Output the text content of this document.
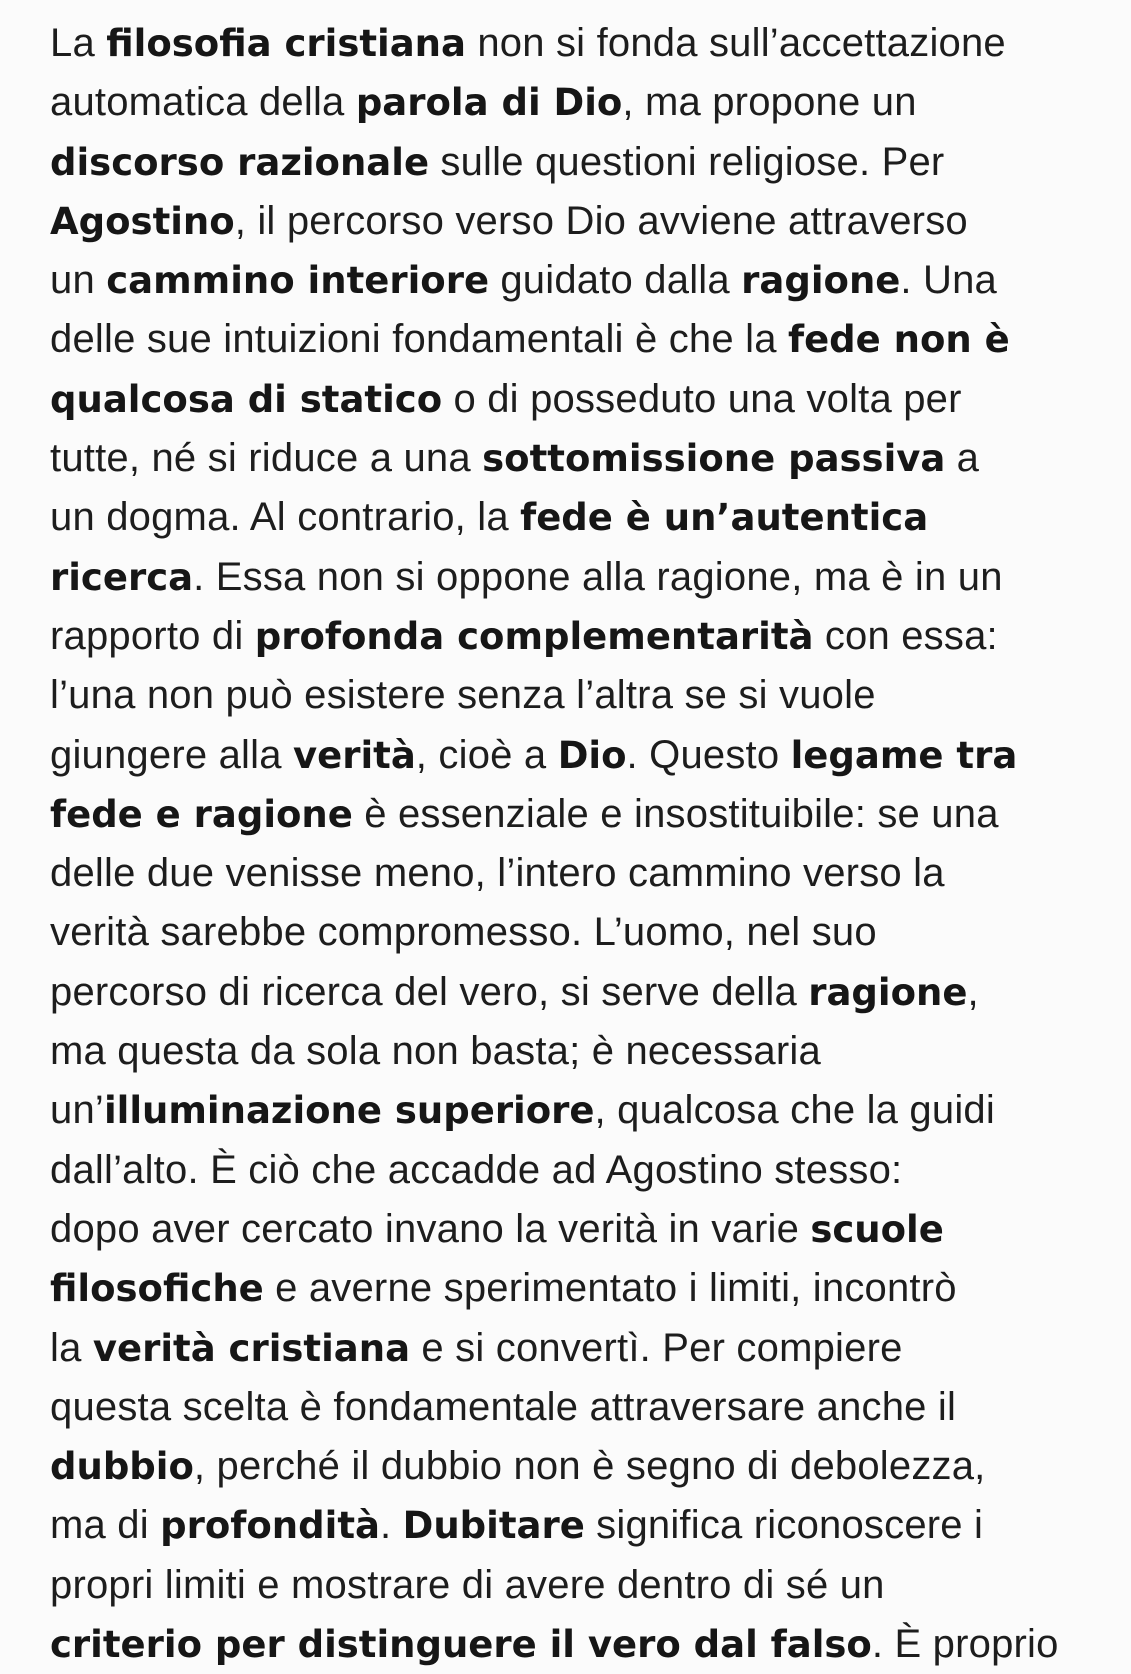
La filosofia cristiana non si fonda sull’accettazione
automatica della parola di Dio, ma propone un
discorso razionale sulle questioni religiose. Per
Agostino, il percorso verso Dio avviene attraverso
un cammino interiore guidato dalla ragione. Una
delle sue intuizioni fondamentali è che la fede non è
qualcosa di statico o di posseduto una volta per
tutte, né si riduce a una sottomissione passiva a
un dogma. Al contrario, la fede è un’autentica
ricerca. Essa non si oppone alla ragione, ma è in un
rapporto di profonda complementarità con essa:
l’una non può esistere senza l’altra se si vuole
giungere alla verità, cioè a Dio. Questo legame tra
fede e ragione è essenziale e insostituibile: se una
delle due venisse meno, l’intero cammino verso la
verità sarebbe compromesso. L’uomo, nel suo
percorso di ricerca del vero, si serve della ragione,
ma questa da sola non basta; è necessaria
un’illuminazione superiore, qualcosa che la guidi
dall’alto. È ciò che accadde ad Agostino stesso:
dopo aver cercato invano la verità in varie scuole
filosofiche e averne sperimentato i limiti, incontrò
la verità cristiana e si convertì. Per compiere
questa scelta è fondamentale attraversare anche il
dubbio, perché il dubbio non è segno di debolezza,
ma di profondità. Dubitare significa riconoscere i
propri limiti e mostrare di avere dentro di sé un
criterio per distinguere il vero dal falso. È proprio
